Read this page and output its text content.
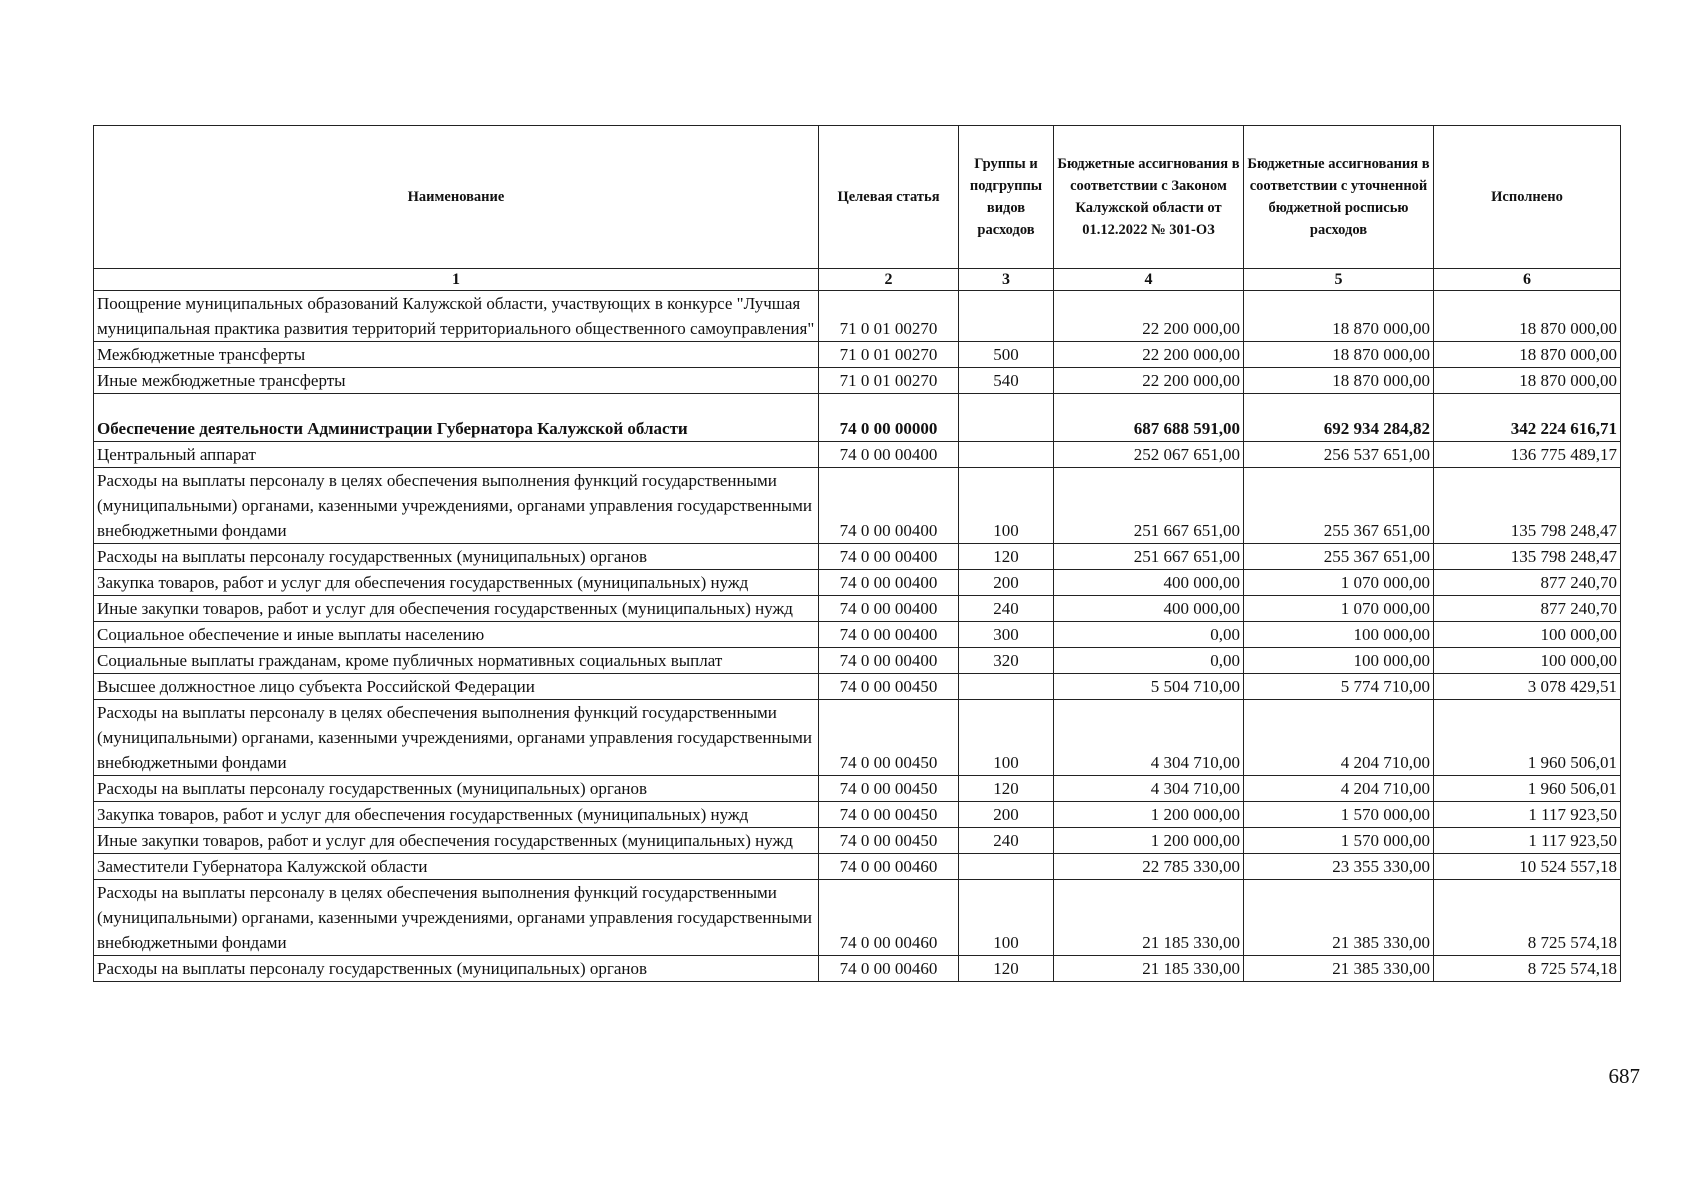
Наименование	Целевая статья	Группы и подгруппы видов расходов	Бюджетные ассигнования в соответствии с Законом Калужской области от 01.12.2022 № 301-ОЗ	Бюджетные ассигнования в соответствии с уточненной бюджетной росписью расходов	Исполнено
1	2	3	4	5	6
Поощрение муниципальных образований Калужской области, участвующих в конкурсе "Лучшая муниципальная практика развития территорий территориального общественного самоуправления"	71 0 01 00270		22 200 000,00	18 870 000,00	18 870 000,00
Межбюджетные трансферты	71 0 01 00270	500	22 200 000,00	18 870 000,00	18 870 000,00
Иные межбюджетные трансферты	71 0 01 00270	540	22 200 000,00	18 870 000,00	18 870 000,00
Обеспечение деятельности Администрации Губернатора Калужской области	74 0 00 00000		687 688 591,00	692 934 284,82	342 224 616,71
Центральный аппарат	74 0 00 00400		252 067 651,00	256 537 651,00	136 775 489,17
Расходы на выплаты персоналу в целях обеспечения выполнения функций государственными (муниципальными) органами, казенными учреждениями, органами управления государственными внебюджетными фондами	74 0 00 00400	100	251 667 651,00	255 367 651,00	135 798 248,47
Расходы на выплаты персоналу государственных (муниципальных) органов	74 0 00 00400	120	251 667 651,00	255 367 651,00	135 798 248,47
Закупка товаров, работ и услуг для обеспечения государственных (муниципальных) нужд	74 0 00 00400	200	400 000,00	1 070 000,00	877 240,70
Иные закупки товаров, работ и услуг для обеспечения государственных (муниципальных) нужд	74 0 00 00400	240	400 000,00	1 070 000,00	877 240,70
Социальное обеспечение и иные выплаты населению	74 0 00 00400	300	0,00	100 000,00	100 000,00
Социальные выплаты гражданам, кроме публичных нормативных социальных выплат	74 0 00 00400	320	0,00	100 000,00	100 000,00
Высшее должностное лицо субъекта Российской Федерации	74 0 00 00450		5 504 710,00	5 774 710,00	3 078 429,51
Расходы на выплаты персоналу в целях обеспечения выполнения функций государственными (муниципальными) органами, казенными учреждениями, органами управления государственными внебюджетными фондами	74 0 00 00450	100	4 304 710,00	4 204 710,00	1 960 506,01
Расходы на выплаты персоналу государственных (муниципальных) органов	74 0 00 00450	120	4 304 710,00	4 204 710,00	1 960 506,01
Закупка товаров, работ и услуг для обеспечения государственных (муниципальных) нужд	74 0 00 00450	200	1 200 000,00	1 570 000,00	1 117 923,50
Иные закупки товаров, работ и услуг для обеспечения государственных (муниципальных) нужд	74 0 00 00450	240	1 200 000,00	1 570 000,00	1 117 923,50
Заместители Губернатора Калужской области	74 0 00 00460		22 785 330,00	23 355 330,00	10 524 557,18
Расходы на выплаты персоналу в целях обеспечения выполнения функций государственными (муниципальными) органами, казенными учреждениями, органами управления государственными внебюджетными фондами	74 0 00 00460	100	21 185 330,00	21 385 330,00	8 725 574,18
Расходы на выплаты персоналу государственных (муниципальных) органов	74 0 00 00460	120	21 185 330,00	21 385 330,00	8 725 574,18
687
